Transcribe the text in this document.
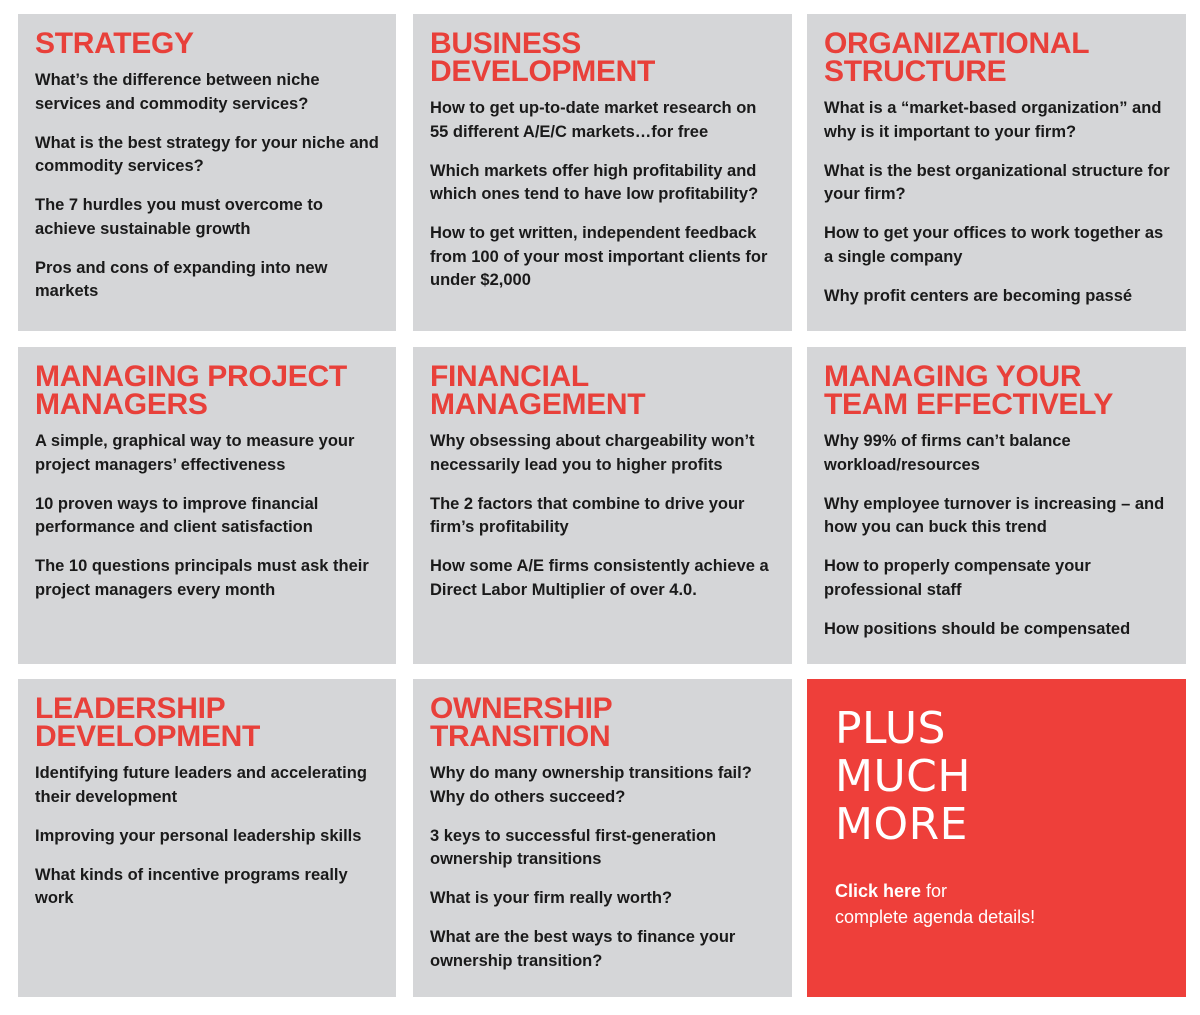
STRATEGY
What’s the difference between niche services and commodity services?
What is the best strategy for your niche and commodity services?
The 7 hurdles you must overcome to achieve sustainable growth
Pros and cons of expanding into new markets
BUSINESS DEVELOPMENT
How to get up-to-date market research on 55 different A/E/C markets…for free
Which markets offer high profitability and which ones tend to have low profitability?
How to get written, independent feedback from 100 of your most important clients for under $2,000
ORGANIZATIONAL STRUCTURE
What is a “market-based organization” and why is it important to your firm?
What is the best organizational structure for your firm?
How to get your offices to work together as a single company
Why profit centers are becoming passé
MANAGING PROJECT MANAGERS
A simple, graphical way to measure your project managers’ effectiveness
10 proven ways to improve financial performance and client satisfaction
The 10 questions principals must ask their project managers every month
FINANCIAL MANAGEMENT
Why obsessing about chargeability won’t necessarily lead you to higher profits
The 2 factors that combine to drive your firm’s profitability
How some A/E firms consistently achieve a Direct Labor Multiplier of over 4.0.
MANAGING YOUR TEAM EFFECTIVELY
Why 99% of firms can’t balance workload/resources
Why employee turnover is increasing – and how you can buck this trend
How to properly compensate your professional staff
How positions should be compensated
LEADERSHIP DEVELOPMENT
Identifying future leaders and accelerating their development
Improving your personal leadership skills
What kinds of incentive programs really work
OWNERSHIP TRANSITION
Why do many ownership transitions fail? Why do others succeed?
3 keys to successful first-generation ownership transitions
What is your firm really worth?
What are the best ways to finance your ownership transition?
PLUS
MUCH
MORE
Click here for
complete agenda details!
